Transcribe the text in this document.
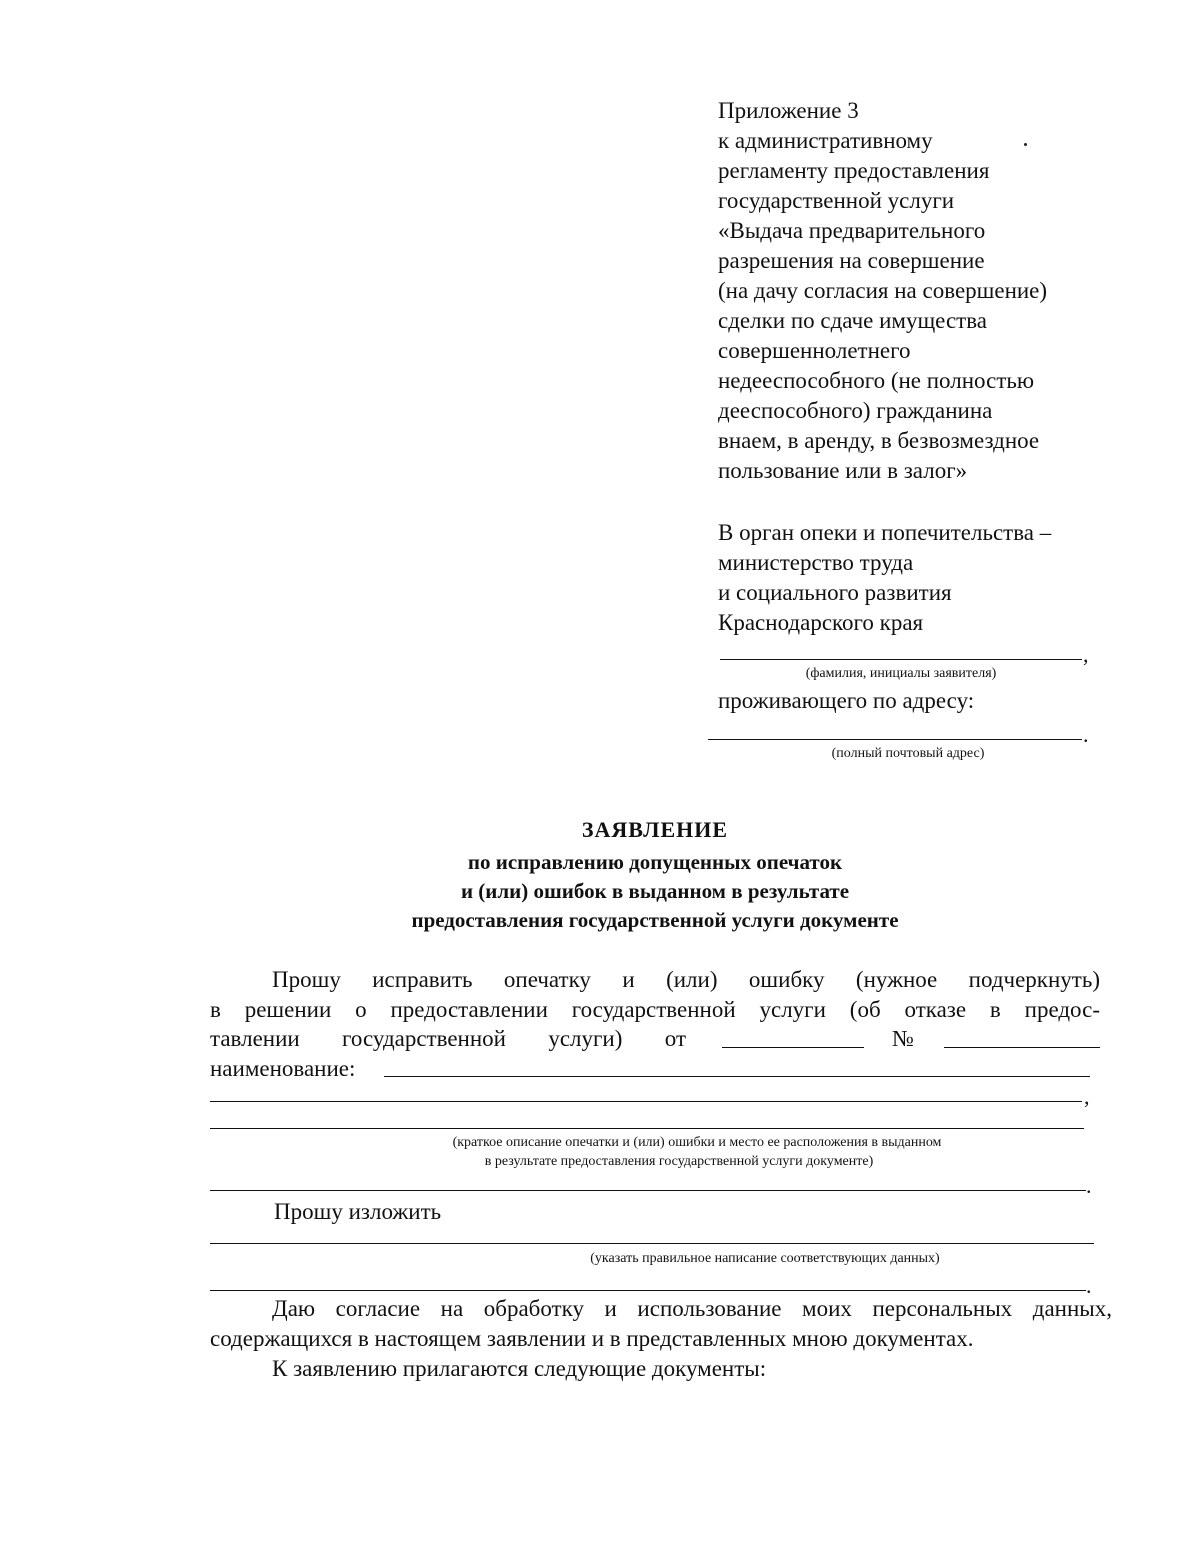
Приложение 3
к административному
регламенту предоставления
государственной услуги
«Выдача предварительного
разрешения на совершение
(на дачу согласия на совершение)
сделки по сдаче имущества
совершеннолетнего
недееспособного (не полностью
дееспособного) гражданина
внаем, в аренду, в безвозмездное
пользование или в залог»
В орган опеки и попечительства –
министерство труда
и социального развития
Краснодарского края
,
(фамилия, инициалы заявителя)
проживающего по адресу:
.
(полный почтовый адрес)
ЗАЯВЛЕНИЕ
по исправлению допущенных опечаток
и (или) ошибок в выданном в результате
предоставления государственной услуги документе
Прошу исправить опечатку и (или) ошибку (нужное подчеркнуть)
в решении о предоставлении государственной услуги (об отказе в предос-
тавлении государственной услуги) от	№
наименование:
,
(краткое описание опечатки и (или) ошибки и место ее расположения в выданном
в результате предоставления государственной услуги документе)
.
Прошу изложить
(указать правильное написание соответствующих данных)
.
Даю согласие на обработку и использование моих персональных данных,
содержащихся в настоящем заявлении и в представленных мною документах.
К заявлению прилагаются следующие документы:
